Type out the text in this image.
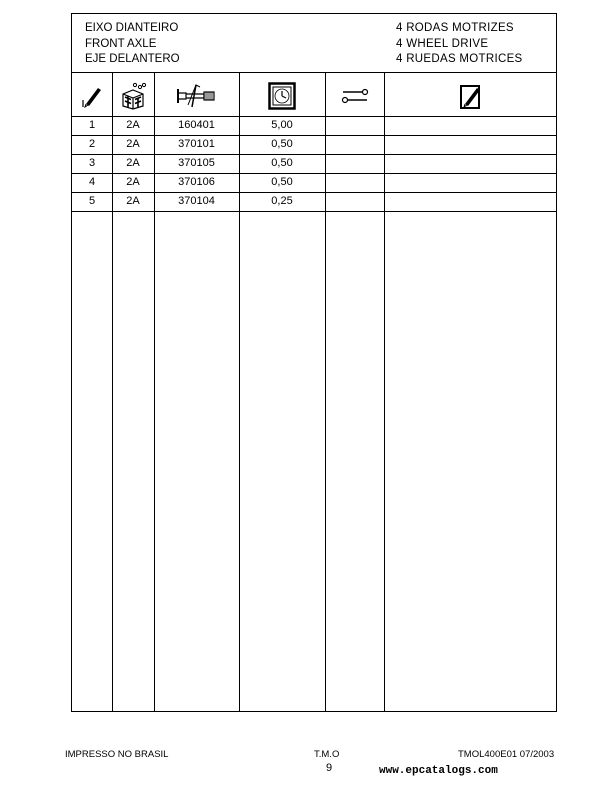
EIXO DIANTEIRO
FRONT AXLE
EJE DELANTERO
4 RODAS MOTRIZES
4 WHEEL DRIVE
4 RUEDAS MOTRICES
1	2A	160401	5,00
2	2A	370101	0,50
3	2A	370105	0,50
4	2A	370106	0,50
5	2A	370104	0,25
IMPRESSO NO BRASIL	T.M.O	TMOL400E01 07/2003
9	www.epcatalogs.com
